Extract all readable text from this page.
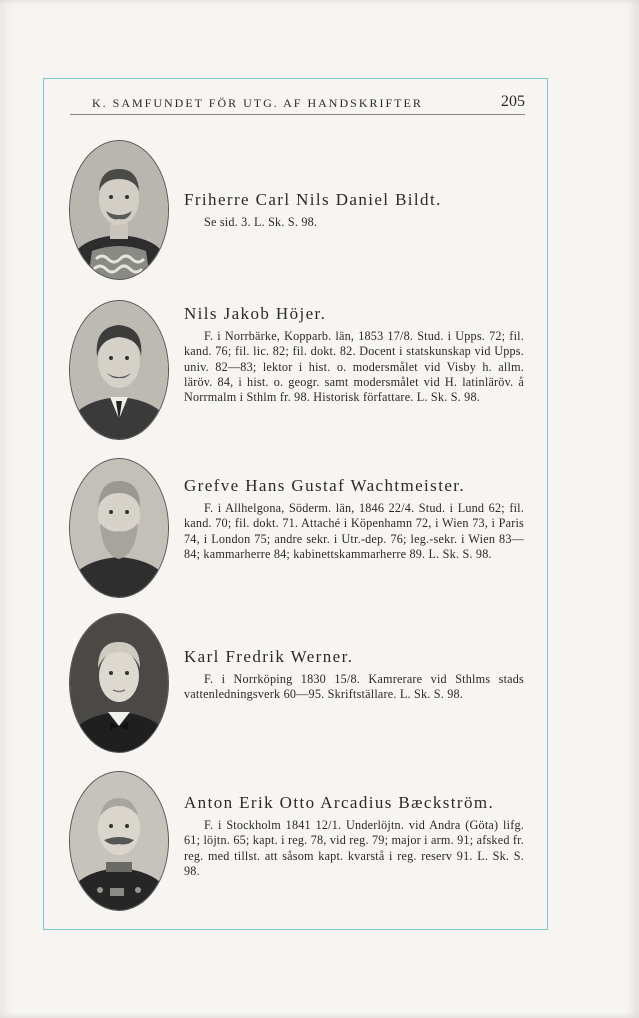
K. SAMFUNDET FÖR UTG. AF HANDSKRIFTER	205

Friherre Carl Nils Daniel Bildt.

Se sid. 3. L. Sk. S. 98.

Nils Jakob Höjer.

F. i Norrbärke, Kopparb. län, 1853 17/8. Stud. i Upps. 72; fil. kand. 76; fil. lic. 82; fil. dokt. 82. Docent i statskunskap vid Upps. univ. 82—83; lektor i hist. o. modersmålet vid Visby h. allm. läröv. 84, i hist. o. geogr. samt modersmålet vid H. latinläröv. å Norrmalm i Sthlm fr. 98. Historisk författare. L. Sk. S. 98.

Grefve Hans Gustaf Wachtmeister.

F. i Allhelgona, Söderm. län, 1846 22/4. Stud. i Lund 62; fil. kand. 70; fil. dokt. 71. Attaché i Köpenhamn 72, i Wien 73, i Paris 74, i London 75; andre sekr. i Utr.-dep. 76; leg.-sekr. i Wien 83—84; kammarherre 84; kabinettskammarherre 89. L. Sk. S. 98.

Karl Fredrik Werner.

F. i Norrköping 1830 15/8. Kamrerare vid Sthlms stads vattenledningsverk 60—95. Skriftställare. L. Sk. S. 98.

Anton Erik Otto Arcadius Bæckström.

F. i Stockholm 1841 12/1. Underlöjtn. vid Andra (Göta) lifg. 61; löjtn. 65; kapt. i reg. 78, vid reg. 79; major i arm. 91; afsked fr. reg. med tillst. att såsom kapt. kvarstå i reg. reserv 91. L. Sk. S. 98.
